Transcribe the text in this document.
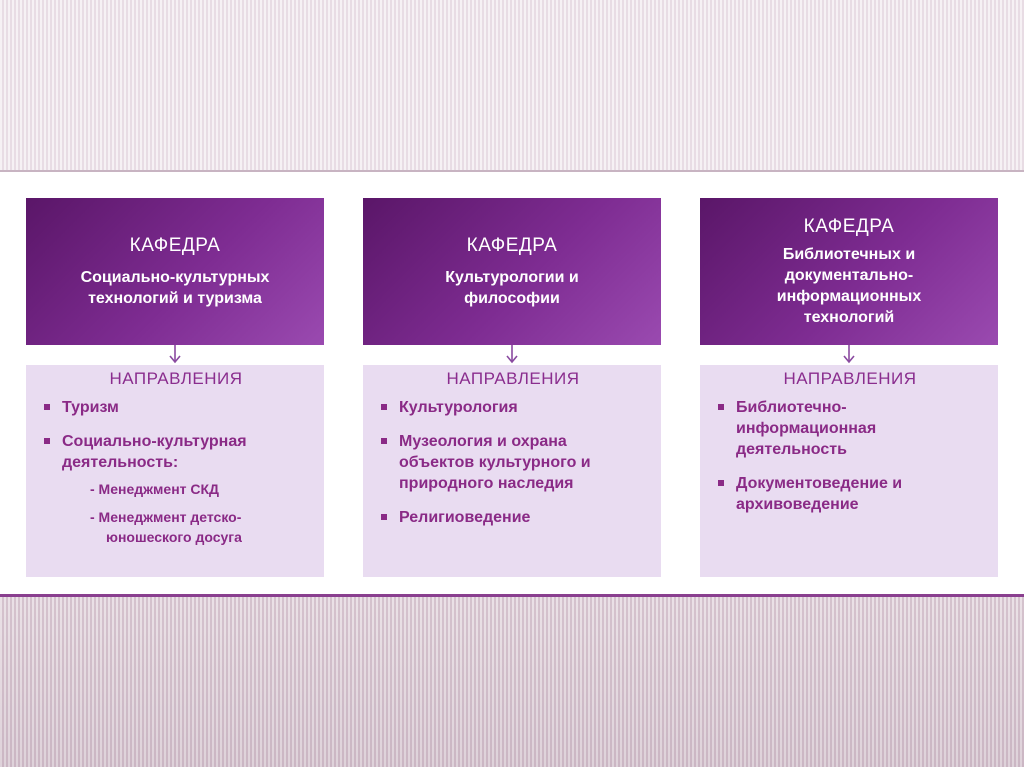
КАФЕДРА
Социально-культурных технологий и туризма
НАПРАВЛЕНИЯ
Туризм
Социально-культурная деятельность:
- Менеджмент СКД
- Менеджмент детско-
юношеского досуга
КАФЕДРА
Культурологии и философии
НАПРАВЛЕНИЯ
Культурология
Музеология и охрана объектов культурного и природного наследия
Религиоведение
КАФЕДРА
Библиотечных и документально-информационных технологий
НАПРАВЛЕНИЯ
Библиотечно-информационная деятельность
Документоведение и архивоведение
